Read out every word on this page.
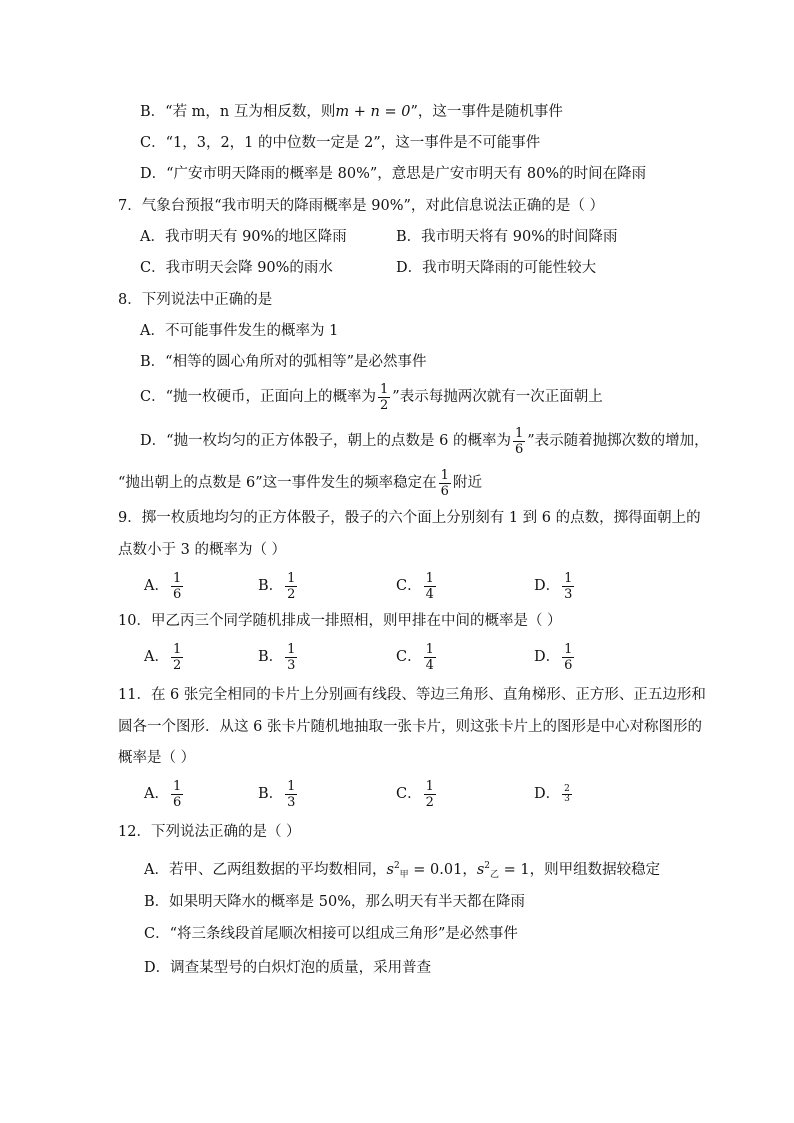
B．“若 m，n 互为相反数，则m + n = 0”，这一事件是随机事件
C．“1，3，2，1 的中位数一定是 2”，这一事件是不可能事件
D．“广安市明天降雨的概率是 80%”，意思是广安市明天有 80%的时间在降雨
7．气象台预报“我市明天的降雨概率是 90%”，对此信息说法正确的是（ ）
A．我市明天有 90%的地区降雨	B．我市明天将有 90%的时间降雨
C．我市明天会降 90%的雨水	D．我市明天降雨的可能性较大
8．下列说法中正确的是
A．不可能事件发生的概率为 1
B．“相等的圆心角所对的弧相等”是必然事件
C．“抛一枚硬币，正面向上的概率为 $\frac{1}{2}$ ”表示每抛两次就有一次正面朝上
D．“抛一枚均匀的正方体骰子，朝上的点数是 6 的概率为 $\frac{1}{6}$ ”表示随着抛掷次数的增加，
“抛出朝上的点数是 6”这一事件发生的频率稳定在 $\frac{1}{6}$ 附近
9．掷一枚质地均匀的正方体骰子，骰子的六个面上分别刻有 1 到 6 的点数，掷得面朝上的
点数小于 3 的概率为（ ）
A． $\frac{1}{6}$	B． $\frac{1}{2}$	C． $\frac{1}{4}$	D． $\frac{1}{3}$
10．甲乙丙三个同学随机排成一排照相，则甲排在中间的概率是（ ）
A． $\frac{1}{2}$	B． $\frac{1}{3}$	C． $\frac{1}{4}$	D． $\frac{1}{6}$
11．在 6 张完全相同的卡片上分别画有线段、等边三角形、直角梯形、正方形、正五边形和
圆各一个图形．从这 6 张卡片随机地抽取一张卡片，则这张卡片上的图形是中心对称图形的
概率是（ ）
A． $\frac{1}{6}$	B． $\frac{1}{3}$	C． $\frac{1}{2}$	D． $\frac{2}{3}$
12．下列说法正确的是（ ）
A．若甲、乙两组数据的平均数相同，$s^2_甲 = 0.01$，$s^2_乙 = 1$，则甲组数据较稳定
B．如果明天降水的概率是 50%，那么明天有半天都在降雨
C．“将三条线段首尾顺次相接可以组成三角形”是必然事件
D．调查某型号的白炽灯泡的质量，采用普查
